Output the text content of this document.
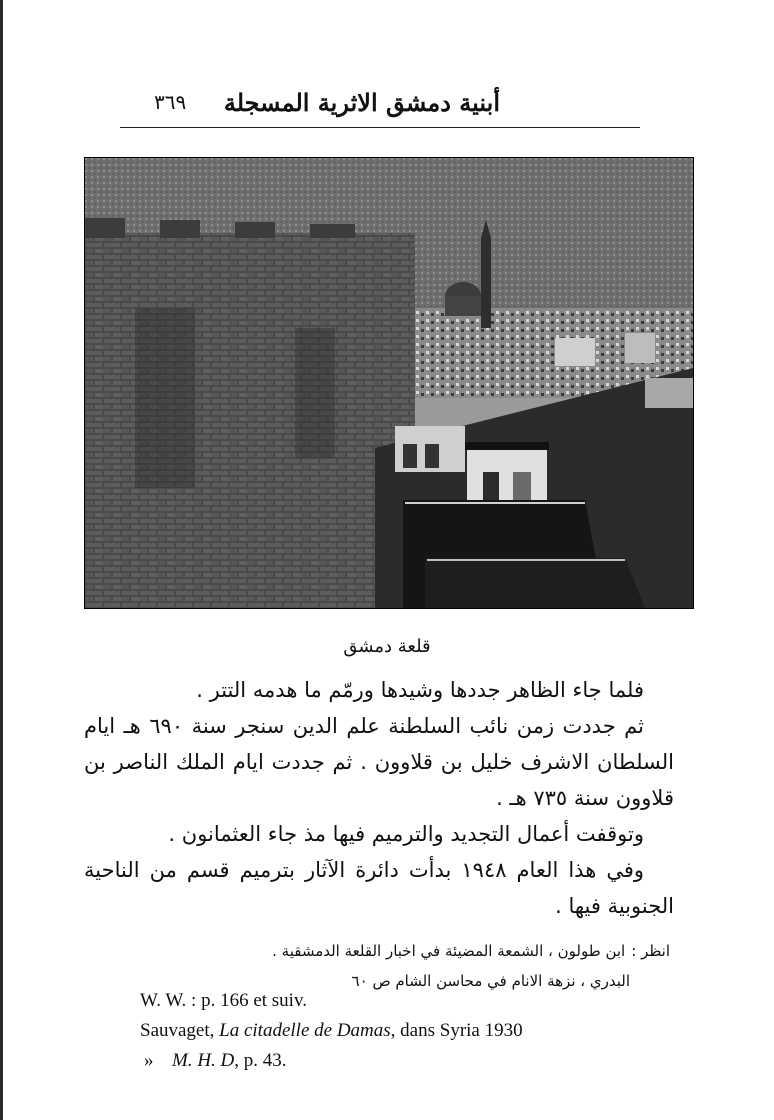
٣٦٩ أبنية دمشق الاثرية المسجلة
قلعة دمشق

فلما جاء الظاهر جددها وشيدها ورمّم ما هدمه التتر .

ثم جددت زمن نائب السلطنة علم الدين سنجر سنة ٦٩٠ هـ ايام السلطان الاشرف خليل بن قلاوون . ثم جددت ايام الملك الناصر بن قلاوون سنة ٧٣٥ هـ .

وتوقفت أعمال التجديد والترميم فيها مذ جاء العثمانون .

وفي هذا العام ١٩٤٨ بدأت دائرة الآثار بترميم قسم من الناحية الجنوبية فيها .

انظر : ابن طولون ، الشمعة المضيئة في اخبار القلعة الدمشقية .
البدري ، نزهة الانام في محاسن الشام ص ٦٠
W. W. : p. 166 et suiv.
Sauvaget, La citadelle de Damas, dans Syria 1930
» M. H. D, p. 43.
